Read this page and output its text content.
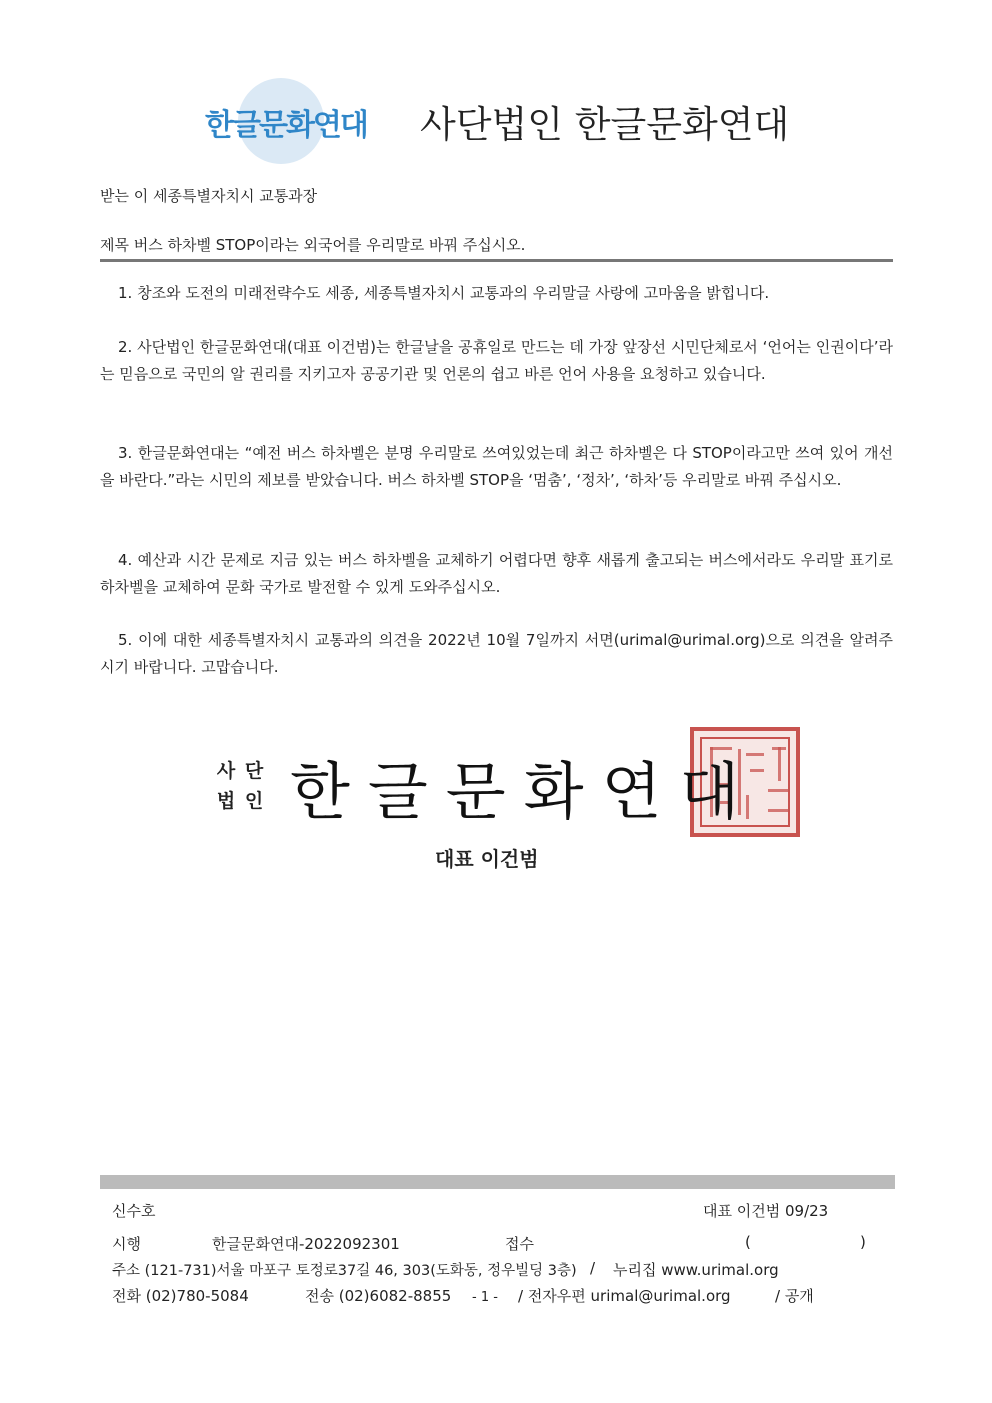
한글문화연대 사단법인 한글문화연대
받는 이 세종특별자치시 교통과장
제목 버스 하차벨 STOP이라는 외국어를 우리말로 바꿔 주십시오.

1. 창조와 도전의 미래전략수도 세종, 세종특별자치시 교통과의 우리말글 사랑에 고마움을 밝힙니다.

2. 사단법인 한글문화연대(대표 이건범)는 한글날을 공휴일로 만드는 데 가장 앞장선 시민단체로서 ‘언어는 인권이다’라는 믿음으로 국민의 알 권리를 지키고자 공공기관 및 언론의 쉽고 바른 언어 사용을 요청하고 있습니다.

3. 한글문화연대는 “예전 버스 하차벨은 분명 우리말로 쓰여있었는데 최근 하차벨은 다 STOP이라고만 쓰여 있어 개선을 바란다.”라는 시민의 제보를 받았습니다. 버스 하차벨 STOP을 ‘멈춤’, ‘정차’, ‘하차’등 우리말로 바꿔 주십시오.

4. 예산과 시간 문제로 지금 있는 버스 하차벨을 교체하기 어렵다면 향후 새롭게 출고되는 버스에서라도 우리말 표기로 하차벨을 교체하여 문화 국가로 발전할 수 있게 도와주십시오.

5. 이에 대한 세종특별자치시 교통과의 의견을 2022년 10월 7일까지 서면(urimal@urimal.org)으로 의견을 알려주시기 바랍니다. 고맙습니다.

사 단
법 인 한글문화연대
대표 이건범
신수호	대표 이건범 09/23
시행	한글문화연대-2022092301	접수	(	)
주소 (121-731)서울 마포구 토정로37길 46, 303(도화동, 정우빌딩 3층) / 누리집 www.urimal.org
전화 (02)780-5084	전송 (02)6082-8855 - 1 - / 전자우편 urimal@urimal.org	/ 공개
